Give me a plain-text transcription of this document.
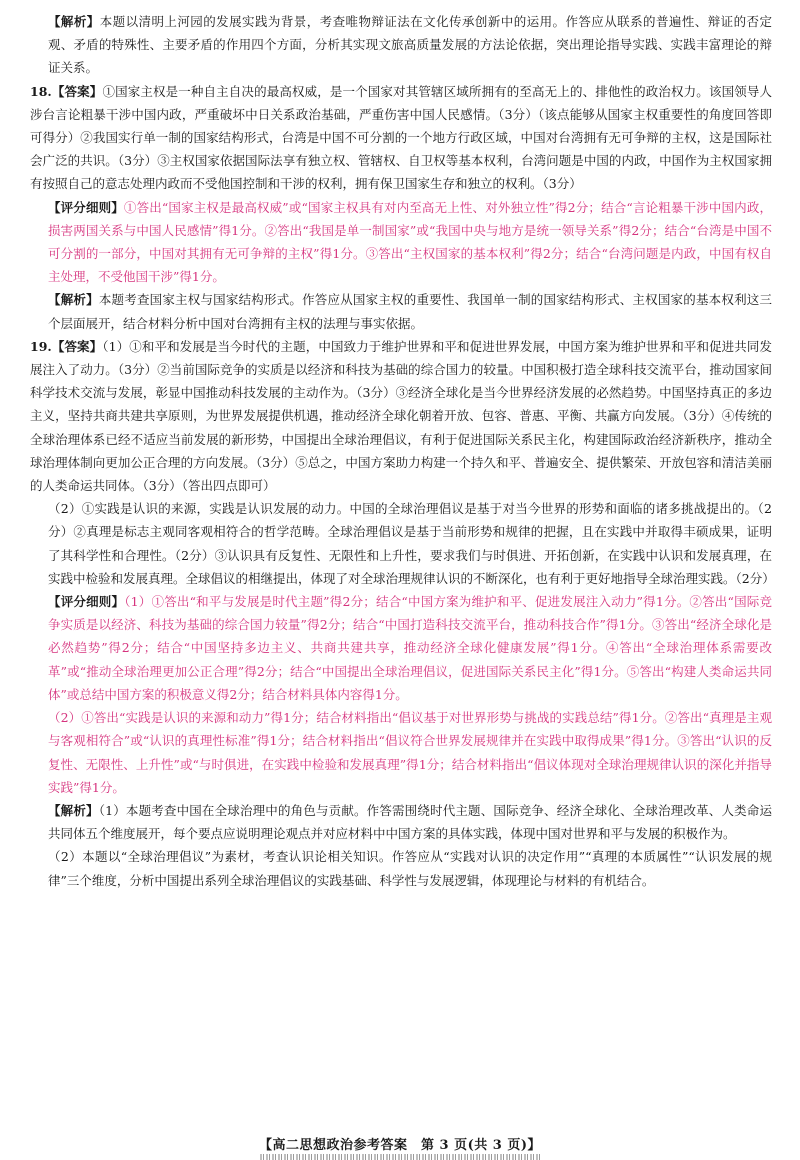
【解析】本题以清明上河园的发展实践为背景，考查唯物辩证法在文化传承创新中的运用。作答应从联系的普遍性、辩证的否定观、矛盾的特殊性、主要矛盾的作用四个方面，分析其实现文旅高质量发展的方法论依据，突出理论指导实践、实践丰富理论的辩证关系。

18.【答案】①国家主权是一种自主自决的最高权威，是一个国家对其管辖区域所拥有的至高无上的、排他性的政治权力。该国领导人涉台言论粗暴干涉中国内政，严重破坏中日关系政治基础，严重伤害中国人民感情。（3分）（该点能够从国家主权重要性的角度回答即可得分）②我国实行单一制的国家结构形式，台湾是中国不可分割的一个地方行政区域，中国对台湾拥有无可争辩的主权，这是国际社会广泛的共识。（3分）③主权国家依据国际法享有独立权、管辖权、自卫权等基本权利，台湾问题是中国的内政，中国作为主权国家拥有按照自己的意志处理内政而不受他国控制和干涉的权利，拥有保卫国家生存和独立的权利。（3分）

【评分细则】①答出“国家主权是最高权威”或“国家主权具有对内至高无上性、对外独立性”得2分；结合“言论粗暴干涉中国内政，损害两国关系与中国人民感情”得1分。②答出“我国是单一制国家”或“我国中央与地方是统一领导关系”得2分；结合“台湾是中国不可分割的一部分，中国对其拥有无可争辩的主权”得1分。③答出“主权国家的基本权利”得2分；结合“台湾问题是内政，中国有权自主处理，不受他国干涉”得1分。

【解析】本题考查国家主权与国家结构形式。作答应从国家主权的重要性、我国单一制的国家结构形式、主权国家的基本权利这三个层面展开，结合材料分析中国对台湾拥有主权的法理与事实依据。

19.【答案】（1）①和平和发展是当今时代的主题，中国致力于维护世界和平和促进世界发展，中国方案为维护世界和平和促进共同发展注入了动力。（3分）②当前国际竞争的实质是以经济和科技为基础的综合国力的较量。中国积极打造全球科技交流平台，推动国家间科学技术交流与发展，彰显中国推动科技发展的主动作为。（3分）③经济全球化是当今世界经济发展的必然趋势。中国坚持真正的多边主义，坚持共商共建共享原则，为世界发展提供机遇，推动经济全球化朝着开放、包容、普惠、平衡、共赢方向发展。（3分）④传统的全球治理体系已经不适应当前发展的新形势，中国提出全球治理倡议，有利于促进国际关系民主化，构建国际政治经济新秩序，推动全球治理体制向更加公正合理的方向发展。（3分）⑤总之，中国方案助力构建一个持久和平、普遍安全、提供繁荣、开放包容和清洁美丽的人类命运共同体。（3分）（答出四点即可）

（2）①实践是认识的来源，实践是认识发展的动力。中国的全球治理倡议是基于对当今世界的形势和面临的诸多挑战提出的。（2分）②真理是标志主观同客观相符合的哲学范畴。全球治理倡议是基于当前形势和规律的把握，且在实践中并取得丰硕成果，证明了其科学性和合理性。（2分）③认识具有反复性、无限性和上升性，要求我们与时俱进、开拓创新，在实践中认识和发展真理，在实践中检验和发展真理。全球倡议的相继提出，体现了对全球治理规律认识的不断深化，也有利于更好地指导全球治理实践。（2分）

【评分细则】（1）①答出“和平与发展是时代主题”得2分；结合“中国方案为维护和平、促进发展注入动力”得1分。②答出“国际竞争实质是以经济、科技为基础的综合国力较量”得2分；结合“中国打造科技交流平台，推动科技合作”得1分。③答出“经济全球化是必然趋势”得2分；结合“中国坚持多边主义、共商共建共享，推动经济全球化健康发展”得1分。④答出“全球治理体系需要改革”或“推动全球治理更加公正合理”得2分；结合“中国提出全球治理倡议，促进国际关系民主化”得1分。⑤答出“构建人类命运共同体”或总结中国方案的积极意义得2分；结合材料具体内容得1分。

（2）①答出“实践是认识的来源和动力”得1分；结合材料指出“倡议基于对世界形势与挑战的实践总结”得1分。②答出“真理是主观与客观相符合”或“认识的真理性标准”得1分；结合材料指出“倡议符合世界发展规律并在实践中取得成果”得1分。③答出“认识的反复性、无限性、上升性”或“与时俱进，在实践中检验和发展真理”得1分；结合材料指出“倡议体现对全球治理规律认识的深化并指导实践”得1分。

【解析】（1）本题考查中国在全球治理中的角色与贡献。作答需围绕时代主题、国际竞争、经济全球化、全球治理改革、人类命运共同体五个维度展开，每个要点应说明理论观点并对应材料中中国方案的具体实践，体现中国对世界和平与发展的积极作为。

（2）本题以“全球治理倡议”为素材，考查认识论相关知识。作答应从“实践对认识的决定作用”“真理的本质属性”“认识发展的规律”三个维度，分析中国提出系列全球治理倡议的实践基础、科学性与发展逻辑，体现理论与材料的有机结合。

【高二思想政治参考答案　第 3 页(共 3 页)】
